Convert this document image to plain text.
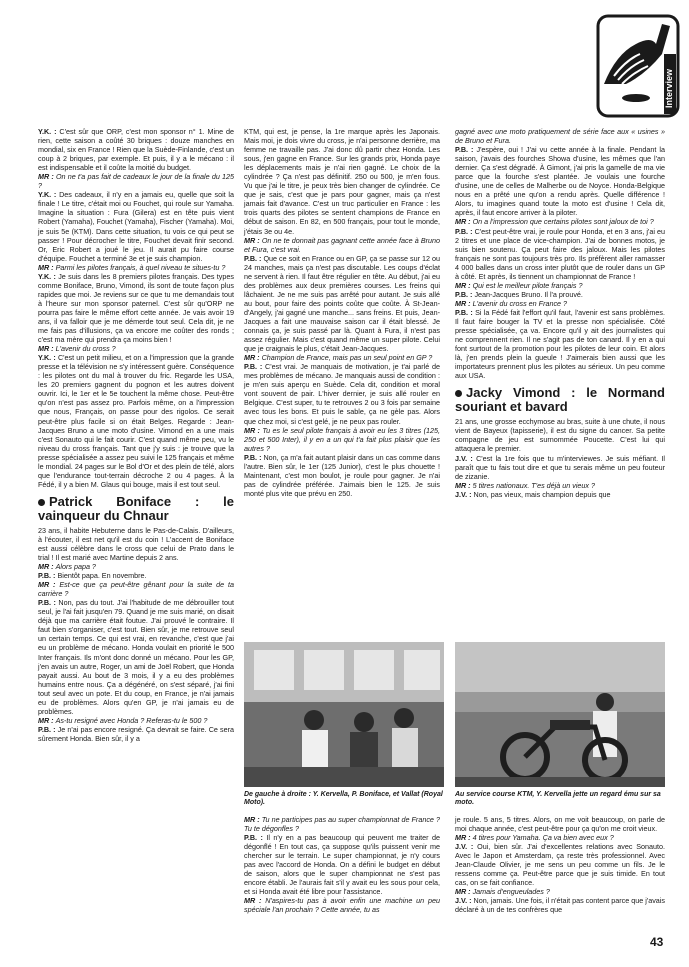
Interview

Y.K. : C'est sûr que ORP, c'est mon sponsor n° 1. Mine de rien, cette saison a coûté 30 briques : douze manches en mondial, six en France ! Rien que la Suède-Finlande, c'est un coup à 2 briques, par exemple. Et puis, il y a le mécano : il est indispensable et il coûte la moitié du budget.

MR : On ne t'a pas fait de cadeaux le jour de la finale du 125 ?

Y.K. : Des cadeaux, il n'y en a jamais eu, quelle que soit la finale ! Le titre, c'était moi ou Fouchet, qui roule sur Yamaha. Imagine la situation : Fura (Gilera) est en tête puis vient Robert (Yamaha), Fouchet (Yamaha), Fischer (Yamaha). Moi, je suis 5e (KTM). Dans cette situation, tu vois ce qui peut se passer ! Pour décrocher le titre, Fouchet devait finir second. Or, Eric Robert a joué le jeu. Il aurait pu faire course d'équipe. Fouchet a terminé 3e et je suis champion.

MR : Parmi les pilotes français, à quel niveau te situes-tu ?

Y.K. : Je suis dans les 8 premiers pilotes français. Des types comme Boniface, Bruno, Vimond, ils sont de toute façon plus rapides que moi. Je reviens sur ce que tu me demandais tout à l'heure sur mon sponsor paternel. C'est sûr qu'ORP ne pourra pas faire le même effort cette année. Je vais avoir 19 ans, il va falloir que je me démerde tout seul. Cela dit, je ne me fais pas d'illusions, ça va encore me coûter des ronds ; c'est ma mère qui prendra ça moins bien !

MR : L'avenir du cross ?

Y.K. : C'est un petit milieu, et on a l'impression que la grande presse et la télévision ne s'y intéressent guère. Conséquence : les pilotes ont du mal à trouver du fric. Regarde les USA, les 20 premiers gagnent du pognon et les autres doivent ouvrir. Ici, le 1er et le 5e touchent la même chose. Peut-être qu'on n'est pas assez pro. Parfois même, on a l'impression que nous, Français, on passe pour des rigolos. Ce serait peut-être plus facile si on était Belges. Regarde : Jean-Jacques Bruno a une moto d'usine. Vimond en a une mais c'est Sonauto qui le fait courir. C'est quand même peu, vu le niveau du cross français. Tant que j'y suis : je trouve que la presse spécialisée a assez peu suivi le 125 français et même le mondial. 24 pages sur le Bol d'Or et des plein de télé, alors que l'endurance tout-terrain décroche 2 ou 4 pages. À la Fédé, il y a bien M. Glaus qui bouge, mais il est tout seul.

Patrick Boniface : le vainqueur du Chnaur

23 ans, il habite Hebuterne dans le Pas-de-Calais. D'ailleurs, à l'écouter, il est net qu'il est du coin ! L'accent de Boniface est aussi célèbre dans le cross que celui de Prato dans le trial ! Il est marié avec Martine depuis 2 ans.

MR : Alors papa ?

P.B. : Bientôt papa. En novembre.

MR : Est-ce que ça peut-être gênant pour la suite de ta carrière ?

P.B. : Non, pas du tout. J'ai l'habitude de me débrouiller tout seul, je l'ai fait jusqu'en 79. Quand je me suis marié, on disait déjà que ma carrière était foutue. J'ai prouvé le contraire. Il faut bien s'organiser, c'est tout. Bien sûr, je me retrouve seul un certain temps. Ce qui est vrai, en revanche, c'est que j'ai eu un problème de mécano. Honda voulait en priorité le 500 Inter français. Ils m'ont donc donné un mécano. Pour les GP, j'en avais un autre, Roger, un ami de Joël Robert, que Honda payait aussi. Au bout de 3 mois, il y a eu des problèmes humains entre nous. Ça a dégénéré, on s'est séparé, j'ai fini tout seul avec un pote. Et du coup, en France, je n'ai jamais eu de problèmes. Alors qu'en GP, je n'ai jamais eu de problèmes.

MR : As-tu resigné avec Honda ? Referas-tu le 500 ?

P.B. : Je n'ai pas encore resigné. Ça devrait se faire. Ce sera sûrement Honda. Bien sûr, il y a

KTM, qui est, je pense, la 1re marque après les Japonais. Mais moi, je dois vivre du cross, je n'ai personne derrière, ma femme ne travaille pas. J'ai donc dû partir chez Honda. Les sous, j'en gagne en France. Sur les grands prix, Honda paye les déplacements mais je n'ai rien gagné. Le choix de la cylindrée ? Ça n'est pas définitif. 250 ou 500, je m'en fous. Vu que j'ai le titre, je peux très bien changer de cylindrée. Ce que je sais, c'est que je pars pour gagner, mais ça n'est jamais fait d'avance. C'est un truc particulier en France : les trois quarts des pilotes se sentent champions de France en début de saison. En 82, en 500 français, pour tout le monde, j'étais 3e ou 4e.

MR : On ne te donnait pas gagnant cette année face à Bruno et Fura, c'est vrai.

P.B. : Que ce soit en France ou en GP, ça se passe sur 12 ou 24 manches, mais ça n'est pas discutable. Les coups d'éclat ne servent à rien. Il faut être régulier en tête. Au début, j'ai eu des problèmes aux deux premières courses. Les freins qui lâchaient. Je ne me suis pas arrêté pour autant. Je suis allé au bout, pour faire des points coûte que coûte. À St-Jean-d'Angely, j'ai gagné une manche... sans freins. Et puis, Jean-Jacques a fait une mauvaise saison car il était blessé. Je connais ça, je suis passé par là. Quant à Fura, il n'est pas assez régulier. Mais c'est quand même un super pilote. Celui que je craignais le plus, c'était Jean-Jacques.

MR : Champion de France, mais pas un seul point en GP ?

P.B. : C'est vrai. Je manquais de motivation, je t'ai parlé de mes problèmes de mécano. Je manquais aussi de condition : je m'en suis aperçu en Suède. Cela dit, condition et moral vont souvent de pair. L'hiver dernier, je suis allé rouler en Belgique. C'est super, tu te retrouves 2 ou 3 fois par semaine avec tous les bons. Et puis le sable, ça ne gèle pas. Alors que chez moi, si c'est gelé, je ne peux pas rouler.

MR : Tu es le seul pilote français à avoir eu les 3 titres (125, 250 et 500 Inter), il y en a un qui t'a fait plus plaisir que les autres ?

P.B. : Non, ça m'a fait autant plaisir dans un cas comme dans l'autre. Bien sûr, le 1er (125 Junior), c'est le plus chouette ! Maintenant, c'est mon boulot, je roule pour gagner. Je n'ai pas de cylindrée préférée. J'aimais bien le 125. Je suis monté plus vite que prévu en 250.

De gauche à droite : Y. Kervella, P. Boniface, et Vallat (Royal Moto).

MR : Tu ne participes pas au super championnat de France ? Tu te dégonfles ?

P.B. : Il n'y en a pas beaucoup qui peuvent me traiter de dégonflé ! En tout cas, ça suppose qu'ils puissent venir me chercher sur le terrain. Le super championnat, je n'y cours pas avec l'accord de Honda. On a défini le budget en début de saison, alors que le super championnat ne s'est pas encore établi. Je l'aurais fait s'il y avait eu les sous pour cela, et si Honda avait été libre pour l'assistance.

MR : N'aspires-tu pas à avoir enfin une machine un peu spéciale l'an prochain ? Cette année, tu as

gagné avec une moto pratiquement de série face aux « usines » de Bruno et Fura.

P.B. : J'espère, oui ! J'ai vu cette année à la finale. Pendant la saison, j'avais des fourches Showa d'usine, les mêmes que l'an dernier. Ça s'est dégradé. À Gimont, j'ai pris la gamelle de ma vie parce que la fourche s'est plantée. Je voulais une fourche d'usine, une de celles de Malherbe ou de Noyce. Honda-Belgique nous en a prêté une qu'on a rendu après. Quelle différence ! Alors, tu imagines quand toute la moto est d'usine ! Cela dit, après, il faut encore arriver à la piloter.

MR : On a l'impression que certains pilotes sont jaloux de toi ?

P.B. : C'est peut-être vrai, je roule pour Honda, et en 3 ans, j'ai eu 2 titres et une place de vice-champion. J'ai de bonnes motos, je suis bien soutenu. Ça peut faire des jaloux. Mais les pilotes français ne sont pas toujours très pro. Ils préfèrent aller ramasser 4 000 balles dans un cross inter plutôt que de rouler dans un GP à côté. Et après, ils tiennent un championnat de France !

MR : Qui est le meilleur pilote français ?

P.B. : Jean-Jacques Bruno. Il l'a prouvé.

MR : L'avenir du cross en France ?

P.B. : Si la Fédé fait l'effort qu'il faut, l'avenir est sans problèmes. Il faut faire bouger la TV et la presse non spécialisée. Côté presse spécialisée, ça va. Encore qu'il y ait des journalistes qui ne comprennent rien. Il ne s'agit pas de ton canard. Il y en a qui font surtout de la promotion pour les pilotes de leur coin. Et alors là, j'en prends plein la gueule ! J'aimerais bien aussi que les importateurs prennent plus les pilotes au sérieux. Un peu comme aux USA.

Jacky Vimond : le Normand souriant et bavard

21 ans, une grosse ecchymose au bras, suite à une chute, il nous vient de Bayeux (tapisserie), il est du signe du cancer. Sa petite compagne de jeu est surnommée Poucette. C'est lui qui attaquera le premier.

J.V. : C'est la 1re fois que tu m'interviewes. Je suis méfiant. Il paraît que tu fais tout dire et que tu serais même un peu fouteur de zizanie.

MR : 5 titres nationaux. T'es déjà un vieux ?

J.V. : Non, pas vieux, mais champion depuis que

Au service course KTM, Y. Kervella jette un regard ému sur sa moto.

je roule. 5 ans, 5 titres. Alors, on me voit beaucoup, on parle de moi chaque année, c'est peut-être pour ça qu'on me croit vieux.

MR : 4 titres pour Yamaha. Ça va bien avec eux ?

J.V. : Oui, bien sûr. J'ai d'excellentes relations avec Sonauto. Avec le Japon et Amsterdam, ça reste très professionnel. Avec Jean-Claude Olivier, je me sens un peu comme un fils. Je le ressens comme ça. Peut-être parce que je suis timide. En tout cas, on se fait confiance.

MR : Jamais d'engueulades ?

J.V. : Non, jamais. Une fois, il n'était pas content parce que j'avais déclaré à un de tes confrères que

43
